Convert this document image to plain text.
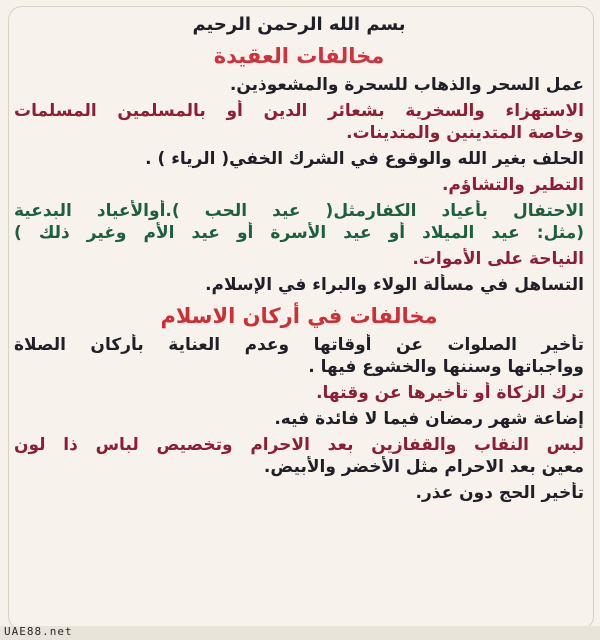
بسم الله الرحمن الرحيم

مخالفات العقيدة

عمل السحر والذهاب للسحرة والمشعوذين.

الاستهزاء والسخرية بشعائر الدين أو بالمسلمين المسلمات

وخاصة المتدينين والمتدينات.

الحلف بغير الله والوقوع في الشرك الخفي( الرياء ) .

التطير والتشاؤم.

الاحتفال بأعياد الكفارمثل( عيد الحب ).أوالأعياد البدعية

(مثل: عيد الميلاد أو عيد الأسرة أو عيد الأم وغير ذلك )

النياحة على الأموات.

التساهل في مسألة الولاء والبراء في الإسلام.

مخالفات في أركان الاسلام

تأخير الصلوات عن أوقاتها وعدم العناية بأركان الصلاة

وواجباتها وسننها والخشوع فيها .

ترك الزكاة أو تأخيرها عن وقتها.

إضاعة شهر رمضان فيما لا فائدة فيه.

لبس النقاب والقفازين بعد الاحرام وتخصيص لباس ذا لون

معين بعد الاحرام مثل الأخضر والأبيض.

تأخير الحج دون عذر.

UAE88.net
